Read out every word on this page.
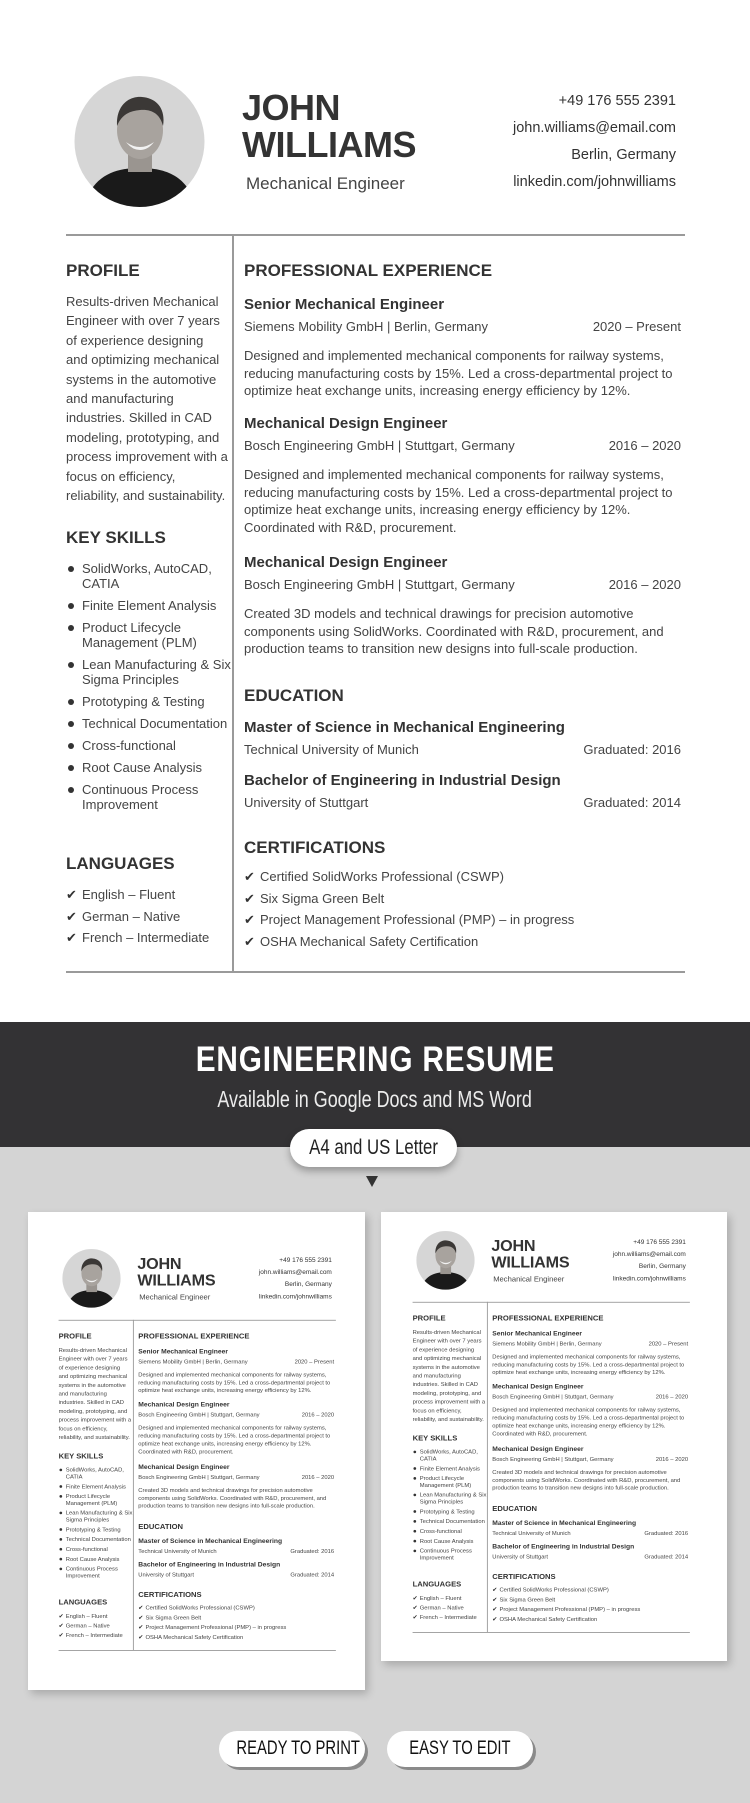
JOHN
WILLIAMS
Mechanical Engineer
+49 176 555 2391
john.williams@email.com
Berlin, Germany
linkedin.com/johnwilliams
PROFILE
Results-driven Mechanical Engineer with over 7 years of experience designing and optimizing mechanical systems in the automotive and manufacturing industries. Skilled in CAD modeling, prototyping, and process improvement with a focus on efficiency, reliability, and sustainability.
KEY SKILLS
SolidWorks, AutoCAD, CATIA
Finite Element Analysis
Product Lifecycle Management (PLM)
Lean Manufacturing & Six Sigma Principles
Prototyping & Testing
Technical Documentation
Cross-functional
Root Cause Analysis
Continuous Process Improvement
LANGUAGES
✔ English – Fluent
✔ German – Native
✔ French – Intermediate
PROFESSIONAL EXPERIENCE
Senior Mechanical Engineer
Siemens Mobility GmbH | Berlin, Germany	2020 – Present
Designed and implemented mechanical components for railway systems, reducing manufacturing costs by 15%. Led a cross-departmental project to optimize heat exchange units, increasing energy efficiency by 12%.
Mechanical Design Engineer
Bosch Engineering GmbH | Stuttgart, Germany	2016 – 2020
Designed and implemented mechanical components for railway systems, reducing manufacturing costs by 15%. Led a cross-departmental project to optimize heat exchange units, increasing energy efficiency by 12%. Coordinated with R&D, procurement.
Mechanical Design Engineer
Bosch Engineering GmbH | Stuttgart, Germany	2016 – 2020
Created 3D models and technical drawings for precision automotive components using SolidWorks. Coordinated with R&D, procurement, and production teams to transition new designs into full-scale production.
EDUCATION
Master of Science in Mechanical Engineering
Technical University of Munich	Graduated: 2016
Bachelor of Engineering in Industrial Design
University of Stuttgart	Graduated: 2014
CERTIFICATIONS
✔ Certified SolidWorks Professional (CSWP)
✔ Six Sigma Green Belt
✔ Project Management Professional (PMP) – in progress
✔ OSHA Mechanical Safety Certification
ENGINEERING RESUME
Available in Google Docs and MS Word
A4 and US Letter
JOHN
WILLIAMS
Mechanical Engineer
+49 176 555 2391
john.williams@email.com
Berlin, Germany
linkedin.com/johnwilliams
PROFILE
Results-driven Mechanical Engineer with over 7 years of experience designing and optimizing mechanical systems in the automotive and manufacturing industries. Skilled in CAD modeling, prototyping, and process improvement with a focus on efficiency, reliability, and sustainability.
KEY SKILLS
SolidWorks, AutoCAD, CATIA
Finite Element Analysis
Product Lifecycle Management (PLM)
Lean Manufacturing & Six Sigma Principles
Prototyping & Testing
Technical Documentation
Cross-functional
Root Cause Analysis
Continuous Process Improvement
LANGUAGES
✔ English – Fluent
✔ German – Native
✔ French – Intermediate
PROFESSIONAL EXPERIENCE
Senior Mechanical Engineer
Siemens Mobility GmbH | Berlin, Germany	2020 – Present
Designed and implemented mechanical components for railway systems, reducing manufacturing costs by 15%. Led a cross-departmental project to optimize heat exchange units, increasing energy efficiency by 12%.
Mechanical Design Engineer
Bosch Engineering GmbH | Stuttgart, Germany	2016 – 2020
Designed and implemented mechanical components for railway systems, reducing manufacturing costs by 15%. Led a cross-departmental project to optimize heat exchange units, increasing energy efficiency by 12%. Coordinated with R&D, procurement.
Mechanical Design Engineer
Bosch Engineering GmbH | Stuttgart, Germany	2016 – 2020
Created 3D models and technical drawings for precision automotive components using SolidWorks. Coordinated with R&D, procurement, and production teams to transition new designs into full-scale production.
EDUCATION
Master of Science in Mechanical Engineering
Technical University of Munich	Graduated: 2016
Bachelor of Engineering in Industrial Design
University of Stuttgart	Graduated: 2014
CERTIFICATIONS
✔ Certified SolidWorks Professional (CSWP)
✔ Six Sigma Green Belt
✔ Project Management Professional (PMP) – in progress
✔ OSHA Mechanical Safety Certification
JOHN
WILLIAMS
Mechanical Engineer
+49 176 555 2391
john.williams@email.com
Berlin, Germany
linkedin.com/johnwilliams
PROFILE
Results-driven Mechanical Engineer with over 7 years of experience designing and optimizing mechanical systems in the automotive and manufacturing industries. Skilled in CAD modeling, prototyping, and process improvement with a focus on efficiency, reliability, and sustainability.
KEY SKILLS
SolidWorks, AutoCAD, CATIA
Finite Element Analysis
Product Lifecycle Management (PLM)
Lean Manufacturing & Six Sigma Principles
Prototyping & Testing
Technical Documentation
Cross-functional
Root Cause Analysis
Continuous Process Improvement
LANGUAGES
✔ English – Fluent
✔ German – Native
✔ French – Intermediate
PROFESSIONAL EXPERIENCE
Senior Mechanical Engineer
Siemens Mobility GmbH | Berlin, Germany	2020 – Present
Designed and implemented mechanical components for railway systems, reducing manufacturing costs by 15%. Led a cross-departmental project to optimize heat exchange units, increasing energy efficiency by 12%.
Mechanical Design Engineer
Bosch Engineering GmbH | Stuttgart, Germany	2016 – 2020
Designed and implemented mechanical components for railway systems, reducing manufacturing costs by 15%. Led a cross-departmental project to optimize heat exchange units, increasing energy efficiency by 12%. Coordinated with R&D, procurement.
Mechanical Design Engineer
Bosch Engineering GmbH | Stuttgart, Germany	2016 – 2020
Created 3D models and technical drawings for precision automotive components using SolidWorks. Coordinated with R&D, procurement, and production teams to transition new designs into full-scale production.
EDUCATION
Master of Science in Mechanical Engineering
Technical University of Munich	Graduated: 2016
Bachelor of Engineering in Industrial Design
University of Stuttgart	Graduated: 2014
CERTIFICATIONS
✔ Certified SolidWorks Professional (CSWP)
✔ Six Sigma Green Belt
✔ Project Management Professional (PMP) – in progress
✔ OSHA Mechanical Safety Certification
READY TO PRINT	EASY TO EDIT
